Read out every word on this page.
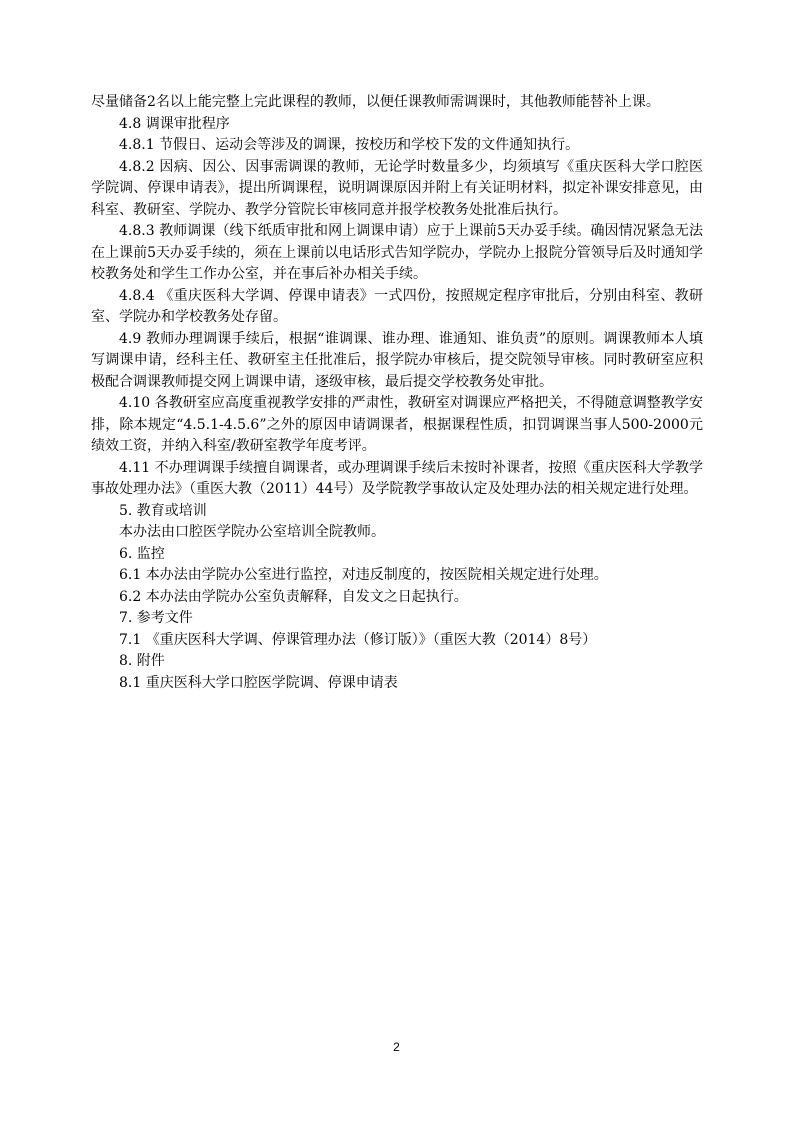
尽量储备2名以上能完整上完此课程的教师，以便任课教师需调课时，其他教师能替补上课。

4.8 调课审批程序

4.8.1 节假日、运动会等涉及的调课，按校历和学校下发的文件通知执行。

4.8.2 因病、因公、因事需调课的教师，无论学时数量多少，均须填写《重庆医科大学口腔医学院调、停课申请表》，提出所调课程，说明调课原因并附上有关证明材料，拟定补课安排意见，由科室、教研室、学院办、教学分管院长审核同意并报学校教务处批准后执行。

4.8.3 教师调课（线下纸质审批和网上调课申请）应于上课前5天办妥手续。确因情况紧急无法在上课前5天办妥手续的，须在上课前以电话形式告知学院办，学院办上报院分管领导后及时通知学校教务处和学生工作办公室，并在事后补办相关手续。

4.8.4 《重庆医科大学调、停课申请表》一式四份，按照规定程序审批后，分别由科室、教研室、学院办和学校教务处存留。

4.9 教师办理调课手续后，根据“谁调课、谁办理、谁通知、谁负责”的原则。调课教师本人填写调课申请，经科主任、教研室主任批准后，报学院办审核后，提交院领导审核。同时教研室应积极配合调课教师提交网上调课申请，逐级审核，最后提交学校教务处审批。

4.10 各教研室应高度重视教学安排的严肃性，教研室对调课应严格把关，不得随意调整教学安排，除本规定“4.5.1-4.5.6”之外的原因申请调课者，根据课程性质，扣罚调课当事人500-2000元绩效工资，并纳入科室/教研室教学年度考评。

4.11 不办理调课手续擅自调课者，或办理调课手续后未按时补课者，按照《重庆医科大学教学事故处理办法》（重医大教（2011）44号）及学院教学事故认定及处理办法的相关规定进行处理。

5. 教育或培训

本办法由口腔医学院办公室培训全院教师。

6. 监控

6.1 本办法由学院办公室进行监控，对违反制度的，按医院相关规定进行处理。

6.2 本办法由学院办公室负责解释，自发文之日起执行。

7. 参考文件

7.1 《重庆医科大学调、停课管理办法（修订版）》（重医大教（2014）8号）

8. 附件

8.1 重庆医科大学口腔医学院调、停课申请表

2
